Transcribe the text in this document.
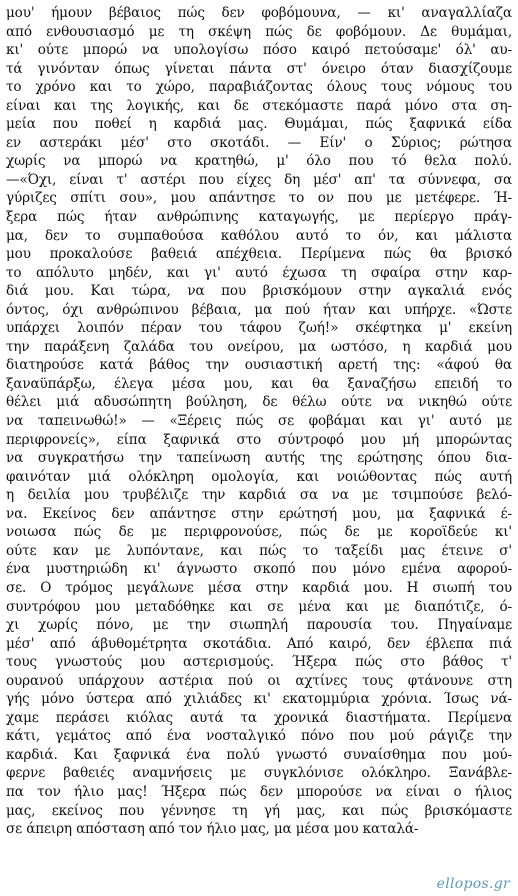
μου' ήμουν βέβαιος πώς δεν φοβόμουνα, — κι' αναγαλλίαζα
από ενθουσιασμό με τη σκέψη πώς δε φοβόμουν. Δε θυμάμαι,
κι' ούτε μπορώ να υπολογίσω πόσο καιρό πετούσαμε' όλ' αυ-
τά γινόνταν όπως γίνεται πάντα στ' όνειρο όταν διασχίζουμε
το χρόνο και το χώρο, παραβιάζοντας όλους τους νόμους του
είναι και της λογικής, και δε στεκόμαστε παρά μόνο στα ση-
μεία που ποθεί η καρδιά μας. Θυμάμαι, πώς ξαφνικά είδα
εν αστεράκι μέσ' στο σκοτάδι. — Είν' ο Σύριος; ρώτησα
χωρίς να μπορώ να κρατηθώ, μ' όλο που τό θελα πολύ.
—«Όχι, είναι τ' αστέρι που είχες δη μέσ' απ' τα σύννεφα, σα
γύριζες σπίτι σου», μου απάντησε το ον που με μετέφερε. Ή-
ξερα πώς ήταν ανθρώπινης καταγωγής, με περίεργο πράγ-
μα, δεν το συμπαθούσα καθόλου αυτό το όν, και μάλιστα
μου προκαλούσε βαθειά απέχθεια. Περίμενα πώς θα βρισκό
το απόλυτο μηδέν, και γι' αυτό έχωσα τη σφαίρα στην καρ-
διά μου. Και τώρα, να που βρισκόμουν στην αγκαλιά ενός
όντος, όχι ανθρώπινου βέβαια, μα πού ήταν και υπήρχε. «Ώστε
υπάρχει λοιπόν πέραν του τάφου ζωή!» σκέφτηκα μ' εκείνη
την παράξενη ζαλάδα του ονείρου, μα ωστόσο, η καρδιά μου
διατηρούσε κατά βάθος την ουσιαστική αρετή της: «άφού θα
ξαναϋπάρξω, έλεγα μέσα μου, και θα ξαναζήσω επειδή το
θέλει μιά αδυσώπητη βούληση, δε θέλω ούτε να νικηθώ ούτε
να ταπεινωθώ!» — «Ξέρεις πώς σε φοβάμαι και γι' αυτό με
περιφρονείς», είπα ξαφνικά στο σύντροφό μου μή μπορώντας
να συγκρατήσω την ταπείνωση αυτής της ερώτησης όπου δια-
φαινόταν μιά ολόκληρη ομολογία, και νοιώθοντας πώς αυτή
η δειλία μου τρυβέλιζε την καρδιά σα να με τσιμπούσε βελό-
να. Εκείνος δεν απάντησε στην ερώτησή μου, μα ξαφνικά έ-
νοιωσα πώς δε με περιφρονούσε, πώς δε με κοροϊδεύε κι'
ούτε καν με λυπόντανε, και πώς το ταξείδι μας έτεινε σ'
ένα μυστηριώδη κι' άγνωστο σκοπό που μόνο εμένα αφορού-
σε. Ο τρόμος μεγάλωνε μέσα στην καρδιά μου. Η σιωπή του
συντρόφου μου μεταδόθηκε και σε μένα και με διαπότιζε, ό-
χι χωρίς πόνο, με την σιωπηλή παρουσία του. Πηγαίναμε
μέσ' από άβυθομέτρητα σκοτάδια. Από καιρό, δεν έβλεπα πιά
τους γνωστούς μου αστερισμούς. Ήξερα πώς στο βάθος τ'
ουρανού υπάρχουν αστέρια πού οι αχτίνες τους φτάνουνε στη
γής μόνο ύστερα από χιλιάδες κι' εκατομμύρια χρόνια. Ίσως νά-
χαμε περάσει κιόλας αυτά τα χρονικά διαστήματα. Περίμενα
κάτι, γεμάτος από ένα νοσταλγικό πόνο που μού ράγιζε την
καρδιά. Και ξαφνικά ένα πολύ γνωστό συναίσθημα που μού-
φερνε βαθειές αναμνήσεις με συγκλόνισε ολόκληρο. Ξανάβλε-
πα τον ήλιο μας! Ήξερα πώς δεν μπορούσε να είναι ο ήλιος
μας, εκείνος που γέννησε τη γή μας, και πώς βρισκόμαστε
σε άπειρη απόσταση από τον ήλιο μας, μα μέσα μου καταλά-
ellopos.gr
